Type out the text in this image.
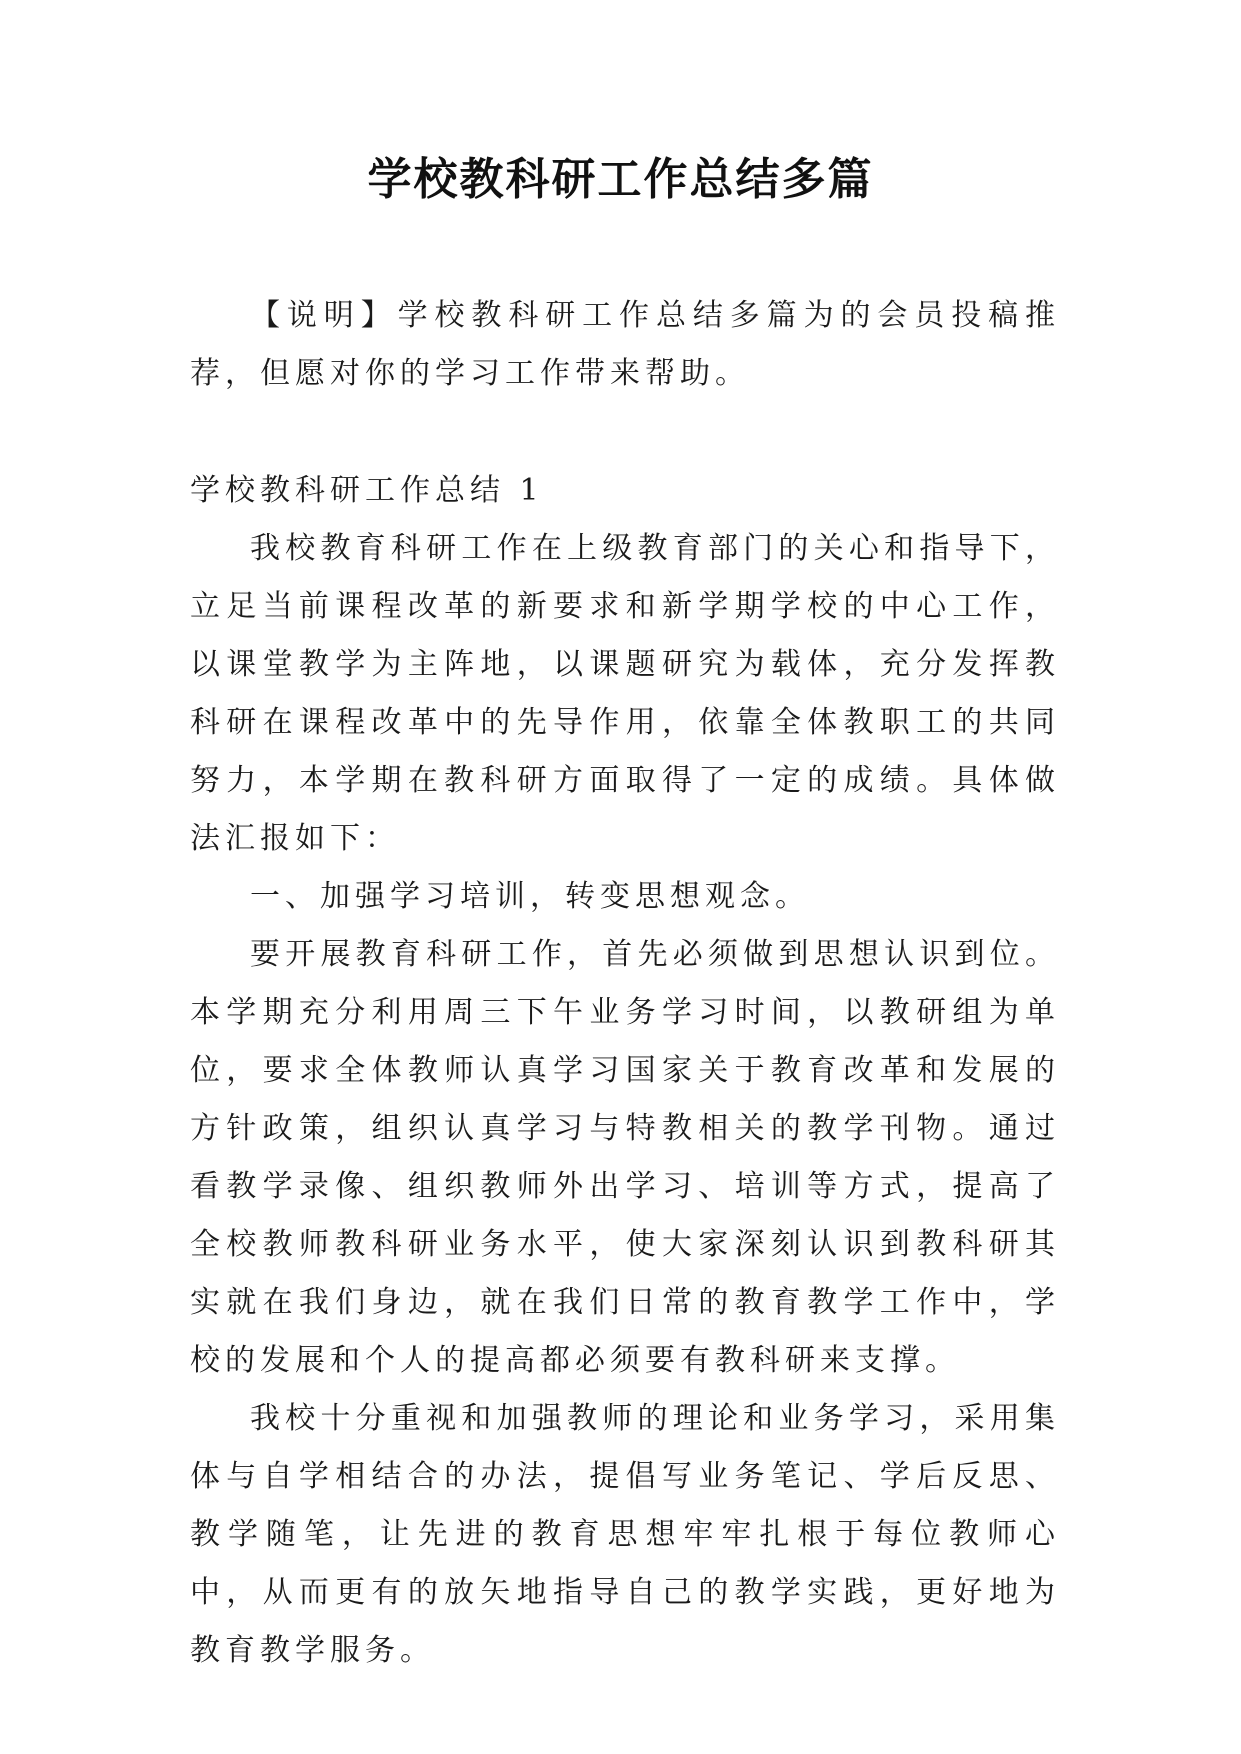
学校教科研工作总结多篇

【说明】学校教科研工作总结多篇为的会员投稿推荐，但愿对你的学习工作带来帮助。

学校教科研工作总结 1

我校教育科研工作在上级教育部门的关心和指导下，立足当前课程改革的新要求和新学期学校的中心工作，以课堂教学为主阵地，以课题研究为载体，充分发挥教科研在课程改革中的先导作用，依靠全体教职工的共同努力，本学期在教科研方面取得了一定的成绩。具体做法汇报如下：

一、加强学习培训，转变思想观念。

要开展教育科研工作，首先必须做到思想认识到位。本学期充分利用周三下午业务学习时间，以教研组为单位，要求全体教师认真学习国家关于教育改革和发展的方针政策，组织认真学习与特教相关的教学刊物。通过看教学录像、组织教师外出学习、培训等方式，提高了全校教师教科研业务水平，使大家深刻认识到教科研其实就在我们身边，就在我们日常的教育教学工作中，学校的发展和个人的提高都必须要有教科研来支撑。

我校十分重视和加强教师的理论和业务学习，采用集体与自学相结合的办法，提倡写业务笔记、学后反思、教学随笔，让先进的教育思想牢牢扎根于每位教师心中，从而更有的放矢地指导自己的教学实践，更好地为教育教学服务。
